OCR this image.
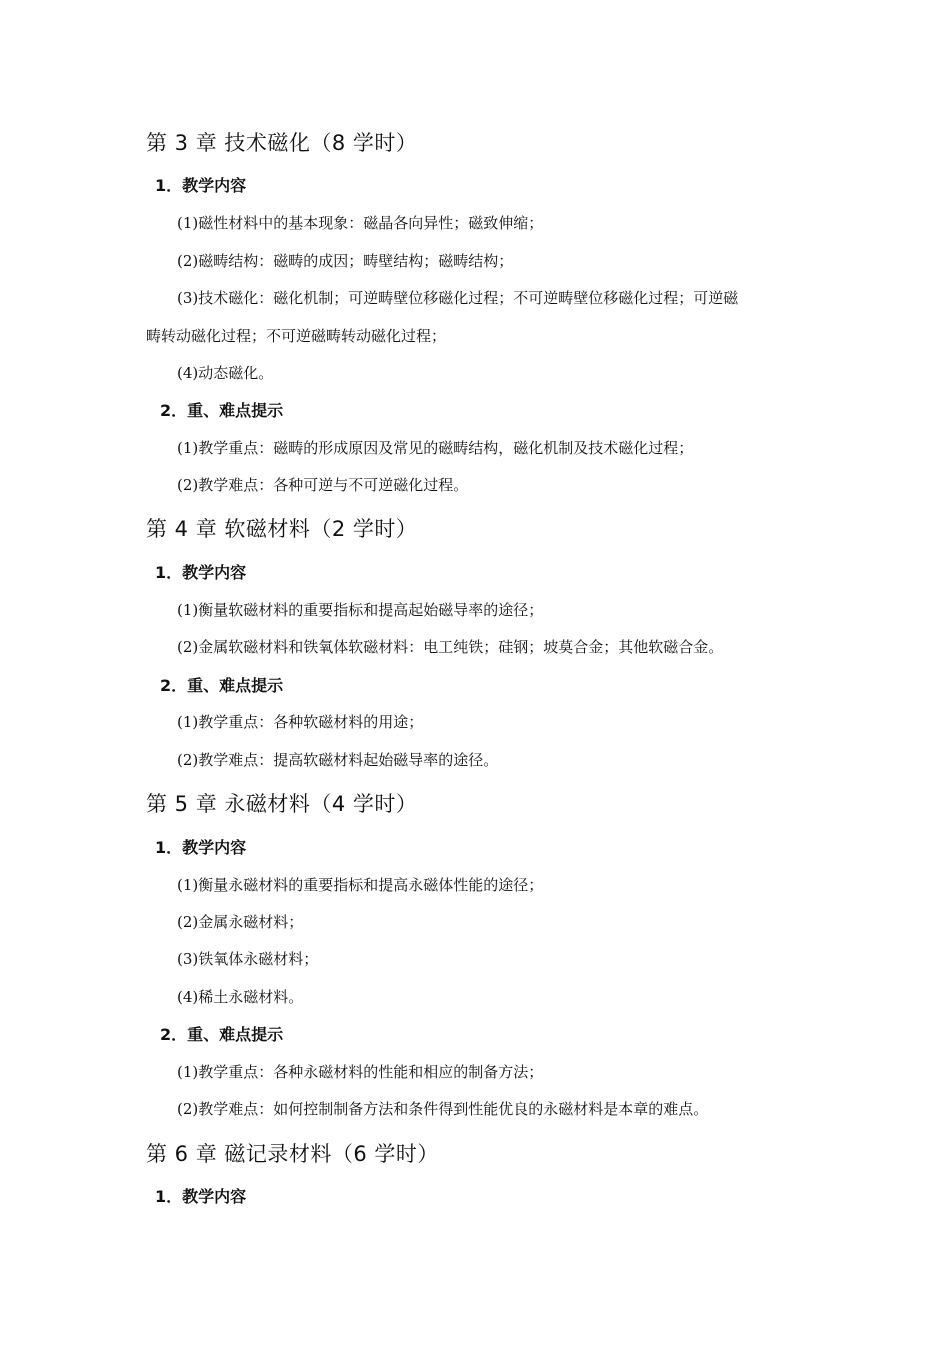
第 3 章 技术磁化（8 学时）
1．教学内容
(1)磁性材料中的基本现象：磁晶各向异性；磁致伸缩；
(2)磁畴结构：磁畴的成因；畴壁结构；磁畴结构；
(3)技术磁化：磁化机制；可逆畴壁位移磁化过程；不可逆畴壁位移磁化过程；可逆磁
畴转动磁化过程；不可逆磁畴转动磁化过程；
(4)动态磁化。
2．重、难点提示
(1)教学重点：磁畴的形成原因及常见的磁畴结构，磁化机制及技术磁化过程；
(2)教学难点：各种可逆与不可逆磁化过程。
第 4 章 软磁材料（2 学时）
1．教学内容
(1)衡量软磁材料的重要指标和提高起始磁导率的途径；
(2)金属软磁材料和铁氧体软磁材料：电工纯铁；硅钢；坡莫合金；其他软磁合金。
2．重、难点提示
(1)教学重点：各种软磁材料的用途；
(2)教学难点：提高软磁材料起始磁导率的途径。
第 5 章 永磁材料（4 学时）
1．教学内容
(1)衡量永磁材料的重要指标和提高永磁体性能的途径；
(2)金属永磁材料；
(3)铁氧体永磁材料；
(4)稀土永磁材料。
2．重、难点提示
(1)教学重点：各种永磁材料的性能和相应的制备方法；
(2)教学难点：如何控制制备方法和条件得到性能优良的永磁材料是本章的难点。
第 6 章 磁记录材料（6 学时）
1．教学内容
